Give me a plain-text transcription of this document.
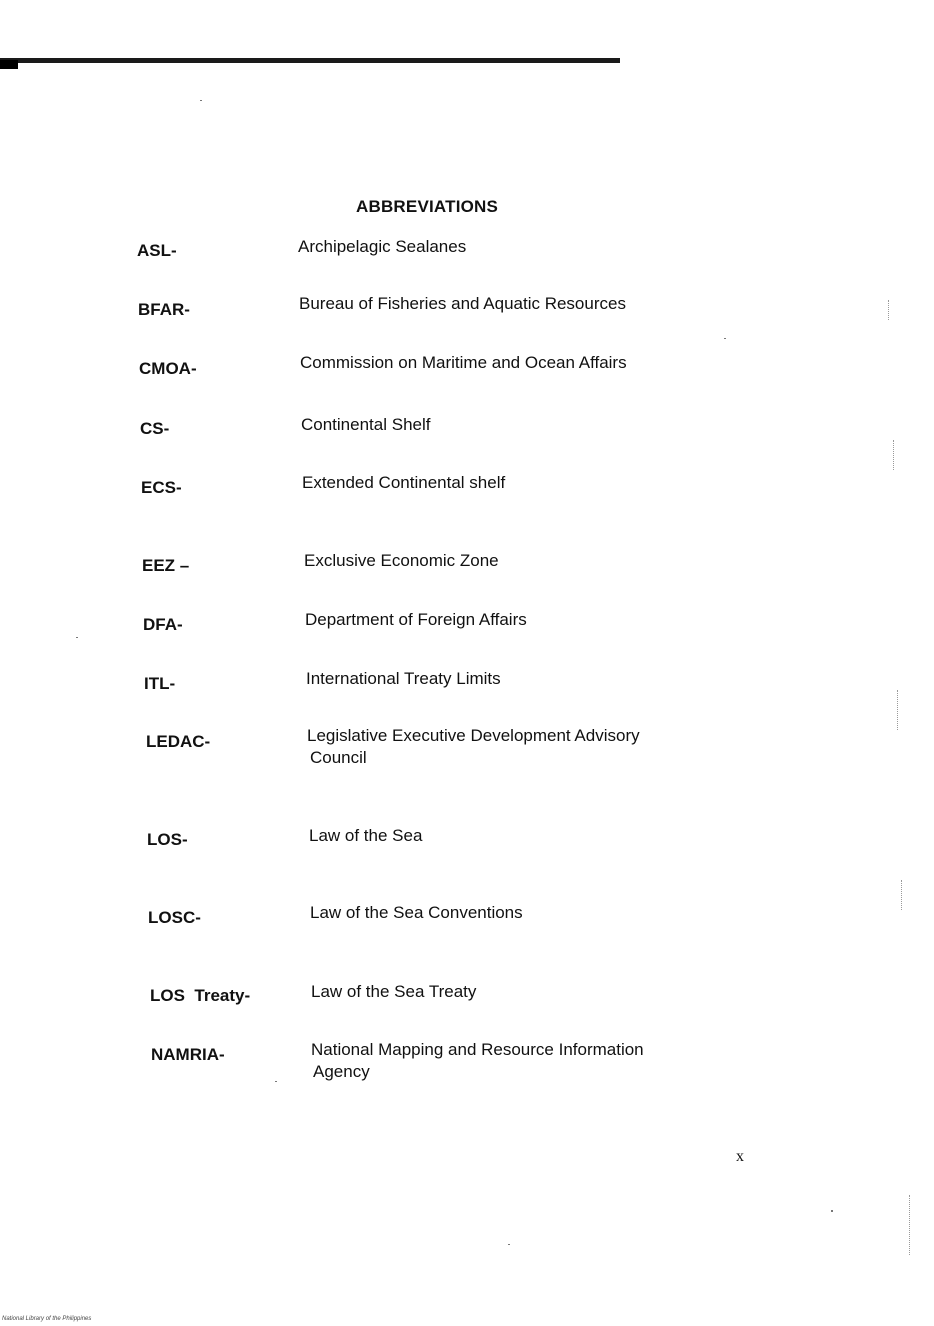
ABBREVIATIONS
ASL-	Archipelagic Sealanes
BFAR-	Bureau of Fisheries and Aquatic Resources
CMOA-	Commission on Maritime and Ocean Affairs
CS-	Continental Shelf
ECS-	Extended Continental shelf
EEZ –	Exclusive Economic Zone
DFA-	Department of Foreign Affairs
ITL-	International Treaty Limits
LEDAC-	Legislative Executive Development Advisory
Council
LOS-	Law of the Sea
LOSC-	Law of the Sea Conventions
LOS  Treaty-	Law of the Sea Treaty
NAMRIA-	National Mapping and Resource Information
Agency
x
National Library of the Philippines
